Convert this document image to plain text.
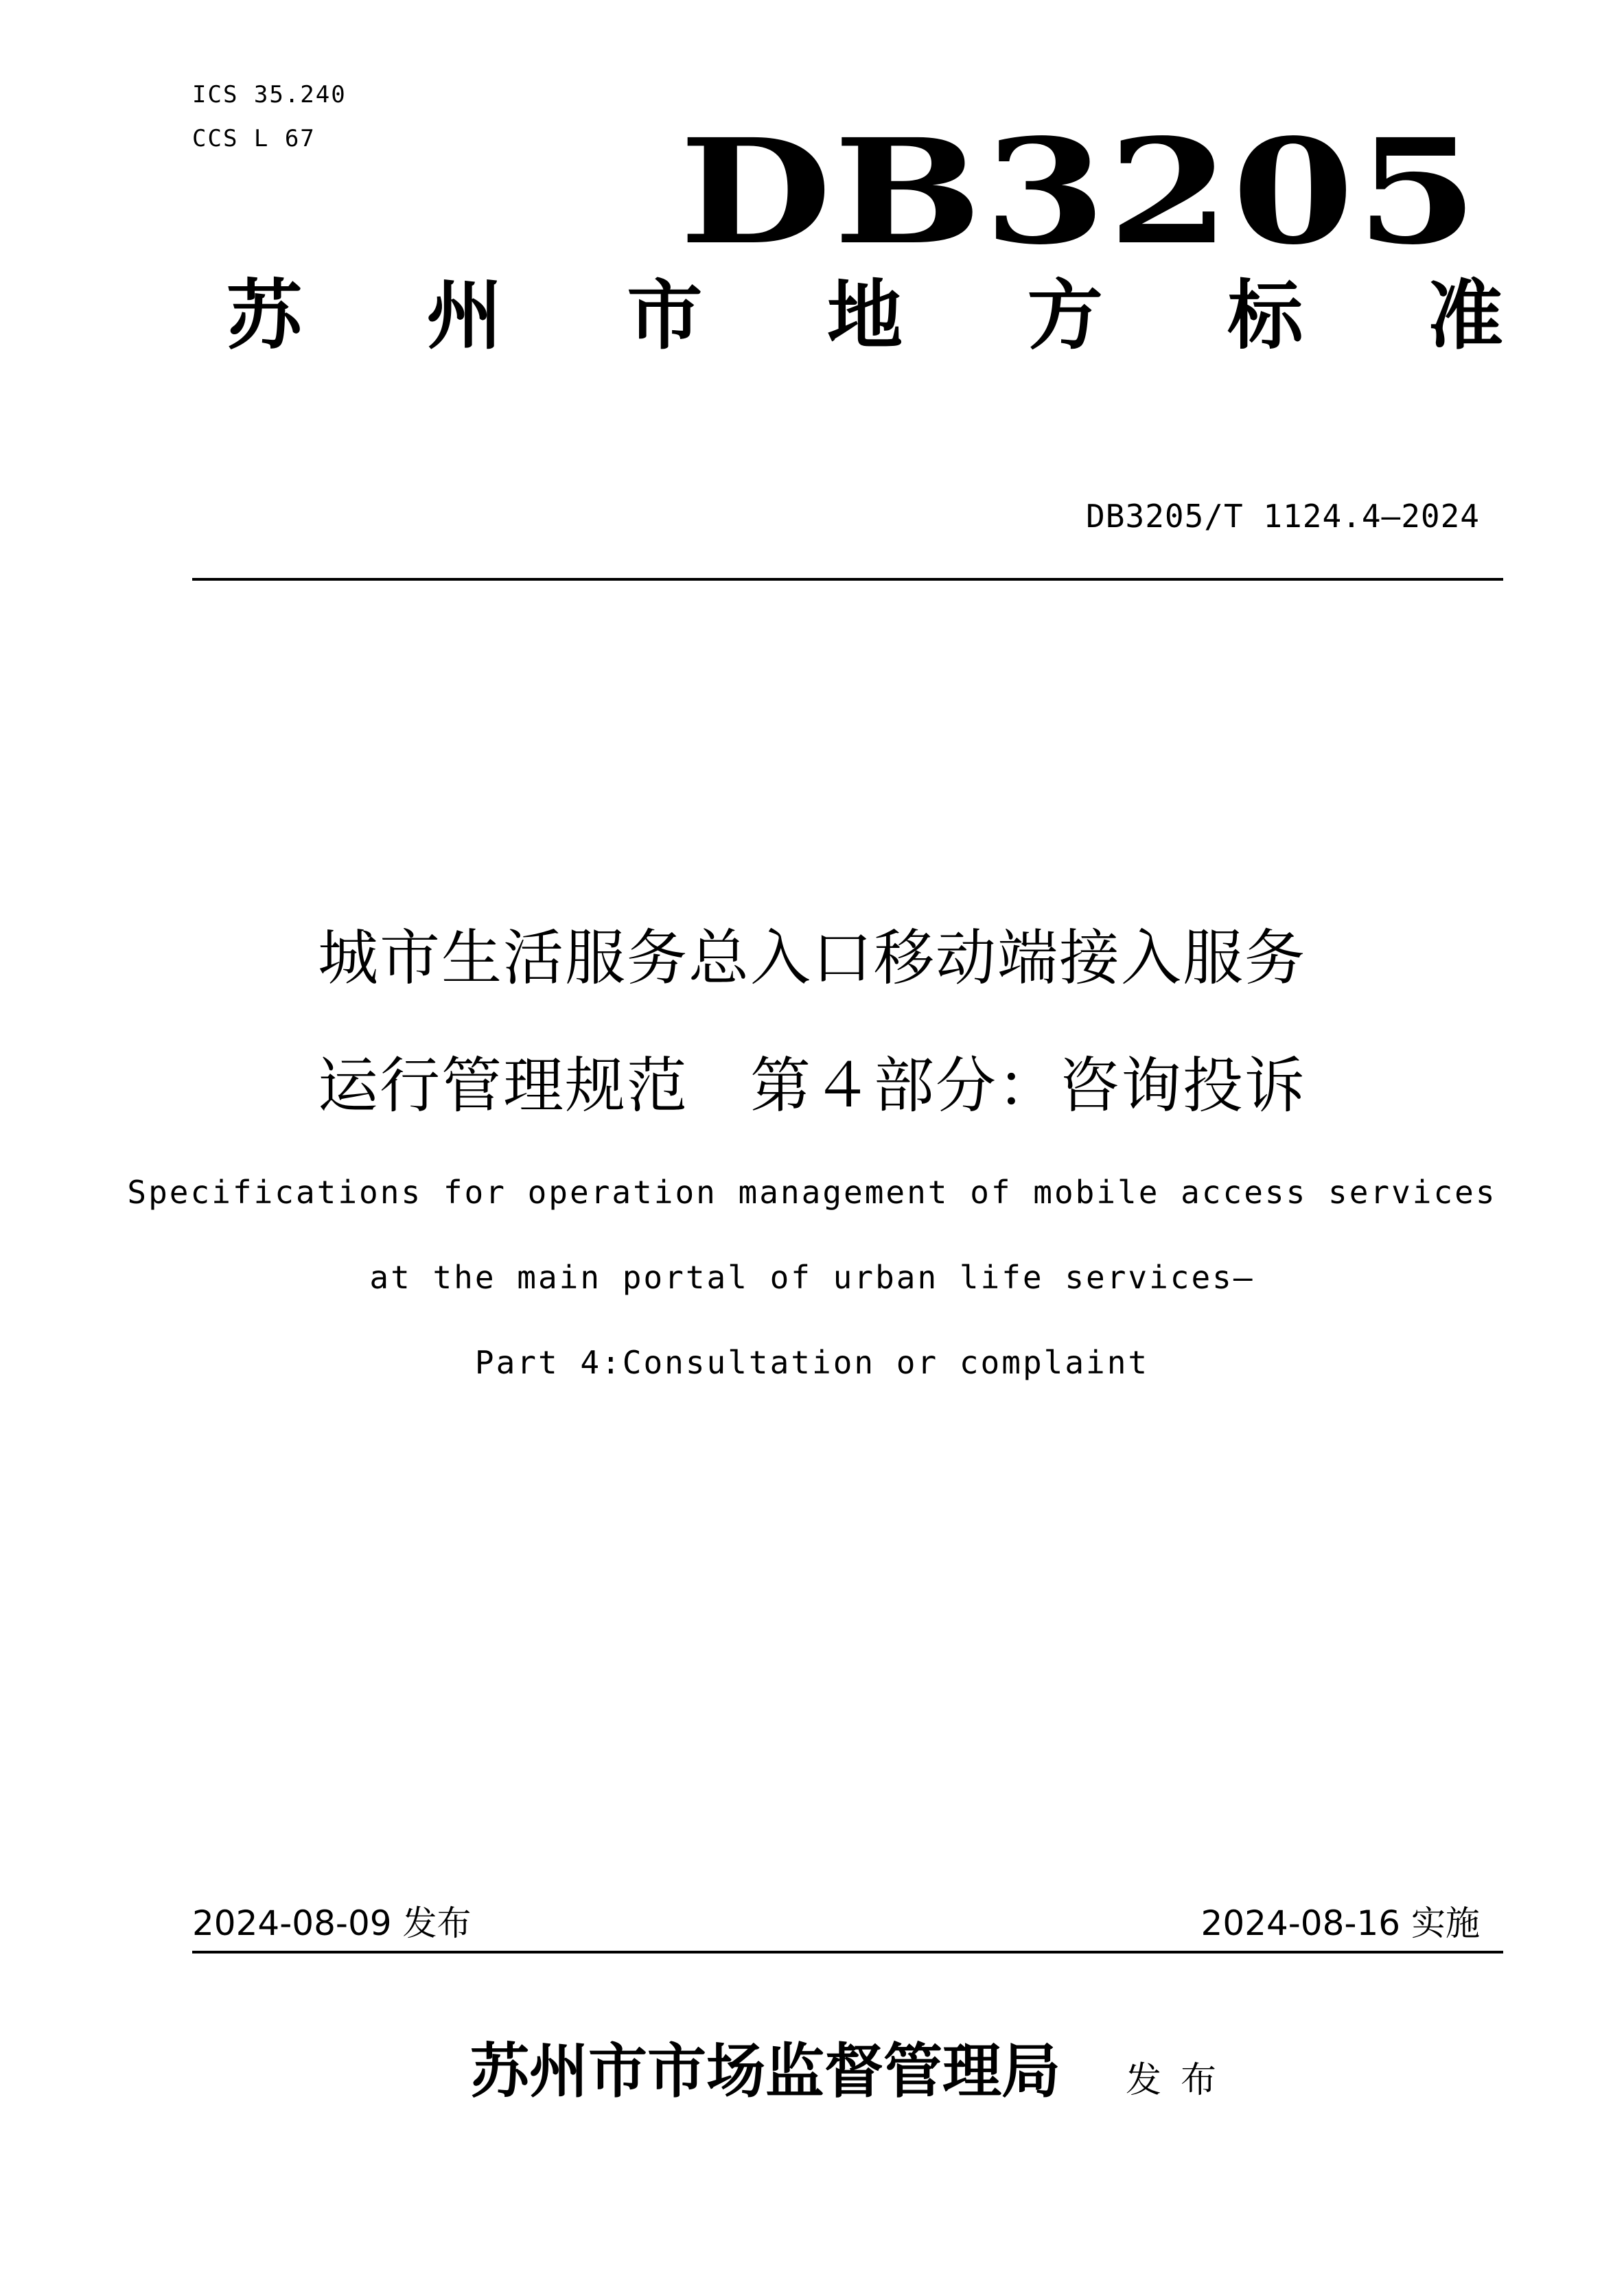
ICS 35.240
CCS L 67	DB3205
苏 州 市 地 方 标 准
DB3205/T 1124.4—2024
城市生活服务总入口移动端接入服务
运行管理规范　第４部分：咨询投诉
Specifications for operation management of mobile access services
at the main portal of urban life services—
Part 4:Consultation or complaint
2024-08-09 发布	2024-08-16 实施
苏州市市场监督管理局 发布
